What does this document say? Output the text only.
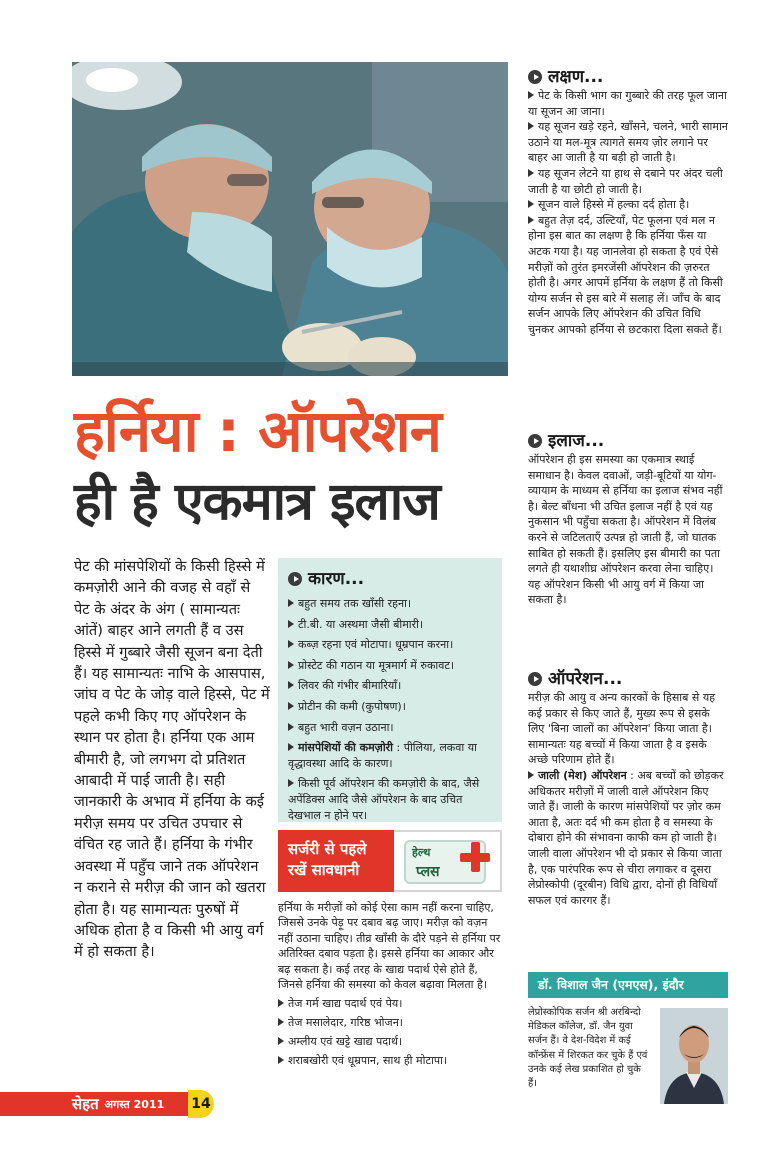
हर्निया : ऑपरेशन
ही है एकमात्र इलाज
पेट की मांसपेशियों के किसी हिस्से में कमज़ोरी आने की वजह से वहाँ से पेट के अंदर के अंग ( सामान्यतः आंतें) बाहर आने लगती हैं व उस हिस्से में गुब्बारे जैसी सूजन बना देती हैं। यह सामान्यतः नाभि के आसपास, जांघ व पेट के जोड़ वाले हिस्से, पेट में पहले कभी किए गए ऑपरेशन के स्थान पर होता है। हर्निया एक आम बीमारी है, जो लगभग दो प्रतिशत आबादी में पाई जाती है। सही जानकारी के अभाव में हर्निया के कई मरीज़ समय पर उचित उपचार से वंचित रह जाते हैं। हर्निया के गंभीर अवस्था में पहुँच जाने तक ऑपरेशन न कराने से मरीज़ की जान को खतरा होता है। यह सामान्यतः पुरुषों में अधिक होता है व किसी भी आयु वर्ग में हो सकता है।
कारण...
बहुत समय तक खाँसी रहना।
टी.बी. या अस्थमा जैसी बीमारी।
कब्ज़ रहना एवं मोटापा। धूम्रपान करना।
प्रोस्टेट की गठान या मूत्रमार्ग में रुकावट।
लिवर की गंभीर बीमारियाँ।
प्रोटीन की कमी (कुपोषण)।
बहुत भारी वज़न उठाना।
मांसपेशियों की कमज़ोरी : पीलिया, लकवा या वृद्धावस्था आदि के कारण।
किसी पूर्व ऑपरेशन की कमज़ोरी के बाद, जैसे अपेंडिक्स आदि जैसे ऑपरेशन के बाद उचित देखभाल न होने पर।
सर्जरी से पहले
रखें सावधानी
हेल्थ
प्लस

हर्निया के मरीज़ों को कोई ऐसा काम नहीं करना चाहिए, जिससे उनके पेड़ू पर दबाव बढ़ जाए। मरीज़ को वज़न नहीं उठाना चाहिए। तीव्र खाँसी के दौरे पड़ने से हर्निया पर अतिरिक्त दबाव पड़ता है। इससे हर्निया का आकार और बढ़ सकता है। कई तरह के खाद्य पदार्थ ऐसे होते हैं, जिनसे हर्निया की समस्या को केवल बढ़ावा मिलता है।

तेज गर्म खाद्य पदार्थ एवं पेय।
तेज मसालेदार, गरिष्ठ भोजन।
अम्लीय एवं खट्टे खाद्य पदार्थ।
शराबखोरी एवं धूम्रपान, साथ ही मोटापा।
लक्षण...

पेट के किसी भाग का गुब्बारे की तरह फूल जाना या सूजन आ जाना।

यह सूजन खड़े रहने, खाँसने, चलने, भारी सामान उठाने या मल-मूत्र त्यागते समय ज़ोर लगाने पर बाहर आ जाती है या बड़ी हो जाती है।

यह सूजन लेटने या हाथ से दबाने पर अंदर चली जाती है या छोटी हो जाती है।

सूजन वाले हिस्से में हल्का दर्द होता है।

बहुत तेज़ दर्द, उल्टियाँ, पेट फूलना एवं मल न होना इस बात का लक्षण है कि हर्निया फँस या अटक गया है। यह जानलेवा हो सकता है एवं ऐसे मरीज़ों को तुरंत इमरजेंसी ऑपरेशन की ज़रुरत होती है। अगर आपमें हर्निया के लक्षण हैं तो किसी योग्य सर्जन से इस बारे में सलाह लें। जाँच के बाद सर्जन आपके लिए ऑपरेशन की उचित विधि चुनकर आपको हर्निया से छटकारा दिला सकते हैं।

इलाज...

ऑपरेशन ही इस समस्या का एकमात्र स्थाई समाधान है। केवल दवाओं, जड़ी-बूटियों या योग-व्यायाम के माध्यम से हर्निया का इलाज संभव नहीं है। बेल्ट बाँधना भी उचित इलाज नहीं है एवं यह नुकसान भी पहुँचा सकता है। ऑपरेशन में विलंब करने से जटिलताएँ उत्पन्न हो जाती हैं, जो घातक साबित हो सकती हैं। इसलिए इस बीमारी का पता लगते ही यथाशीघ्र ऑपरेशन करवा लेना चाहिए। यह ऑपरेशन किसी भी आयु वर्ग में किया जा सकता है।

ऑपरेशन...

मरीज़ की आयु व अन्य कारकों के हिसाब से यह कई प्रकार से किए जाते हैं, मुख्य रूप से इसके लिए 'बिना जालों का ऑपरेशन' किया जाता है। सामान्यतः यह बच्चों में किया जाता है व इसके अच्छे परिणाम होते हैं।

जाली (मेश) ऑपरेशन : अब बच्चों को छोड़कर अधिकतर मरीज़ों में जाली वाले ऑपरेशन किए जाते हैं। जाली के कारण मांसपेशियों पर ज़ोर कम आता है, अतः दर्द भी कम होता है व समस्या के दोबारा होने की संभावना काफी कम हो जाती है। जाली वाला ऑपरेशन भी दो प्रकार से किया जाता है, एक पारंपरिक रूप से चीरा लगाकर व दूसरा लेप्रोस्कोपी (दूरबीन) विधि द्वारा, दोनों ही विधियाँ सफल एवं कारगर हैं।

डॉ. विशाल जैन (एमएस), इंदौर
लेप्रोस्कोपिक सर्जन श्री अरबिन्दो मेडिकल कॉलेज, डॉ. जैन युवा सर्जन हैं। वे देश-विदेश में कई कॉन्फ्रेंस में शिरकत कर चुके हैं एवं उनके कई लेख प्रकाशित हो चुके हैं।
सेहत अगस्त 2011 14
